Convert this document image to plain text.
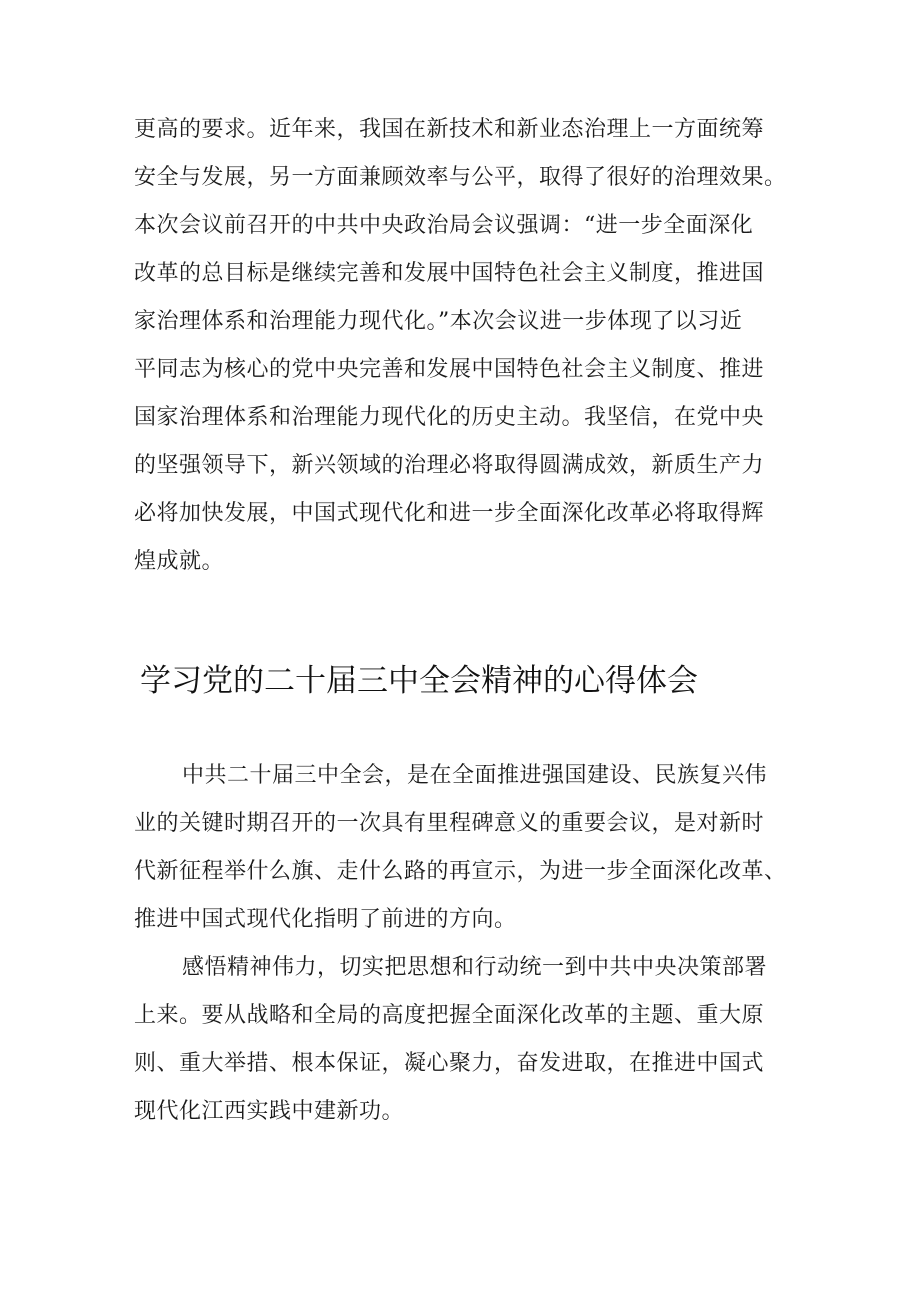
更高的要求。近年来，我国在新技术和新业态治理上一方面统筹
安全与发展，另一方面兼顾效率与公平，取得了很好的治理效果。
本次会议前召开的中共中央政治局会议强调：“进一步全面深化
改革的总目标是继续完善和发展中国特色社会主义制度，推进国
家治理体系和治理能力现代化。”本次会议进一步体现了以习近
平同志为核心的党中央完善和发展中国特色社会主义制度、推进
国家治理体系和治理能力现代化的历史主动。我坚信，在党中央
的坚强领导下，新兴领域的治理必将取得圆满成效，新质生产力
必将加快发展，中国式现代化和进一步全面深化改革必将取得辉
煌成就。
学习党的二十届三中全会精神的心得体会
中共二十届三中全会，是在全面推进强国建设、民族复兴伟
业的关键时期召开的一次具有里程碑意义的重要会议，是对新时
代新征程举什么旗、走什么路的再宣示，为进一步全面深化改革、
推进中国式现代化指明了前进的方向。
感悟精神伟力，切实把思想和行动统一到中共中央决策部署
上来。要从战略和全局的高度把握全面深化改革的主题、重大原
则、重大举措、根本保证，凝心聚力，奋发进取，在推进中国式
现代化江西实践中建新功。
